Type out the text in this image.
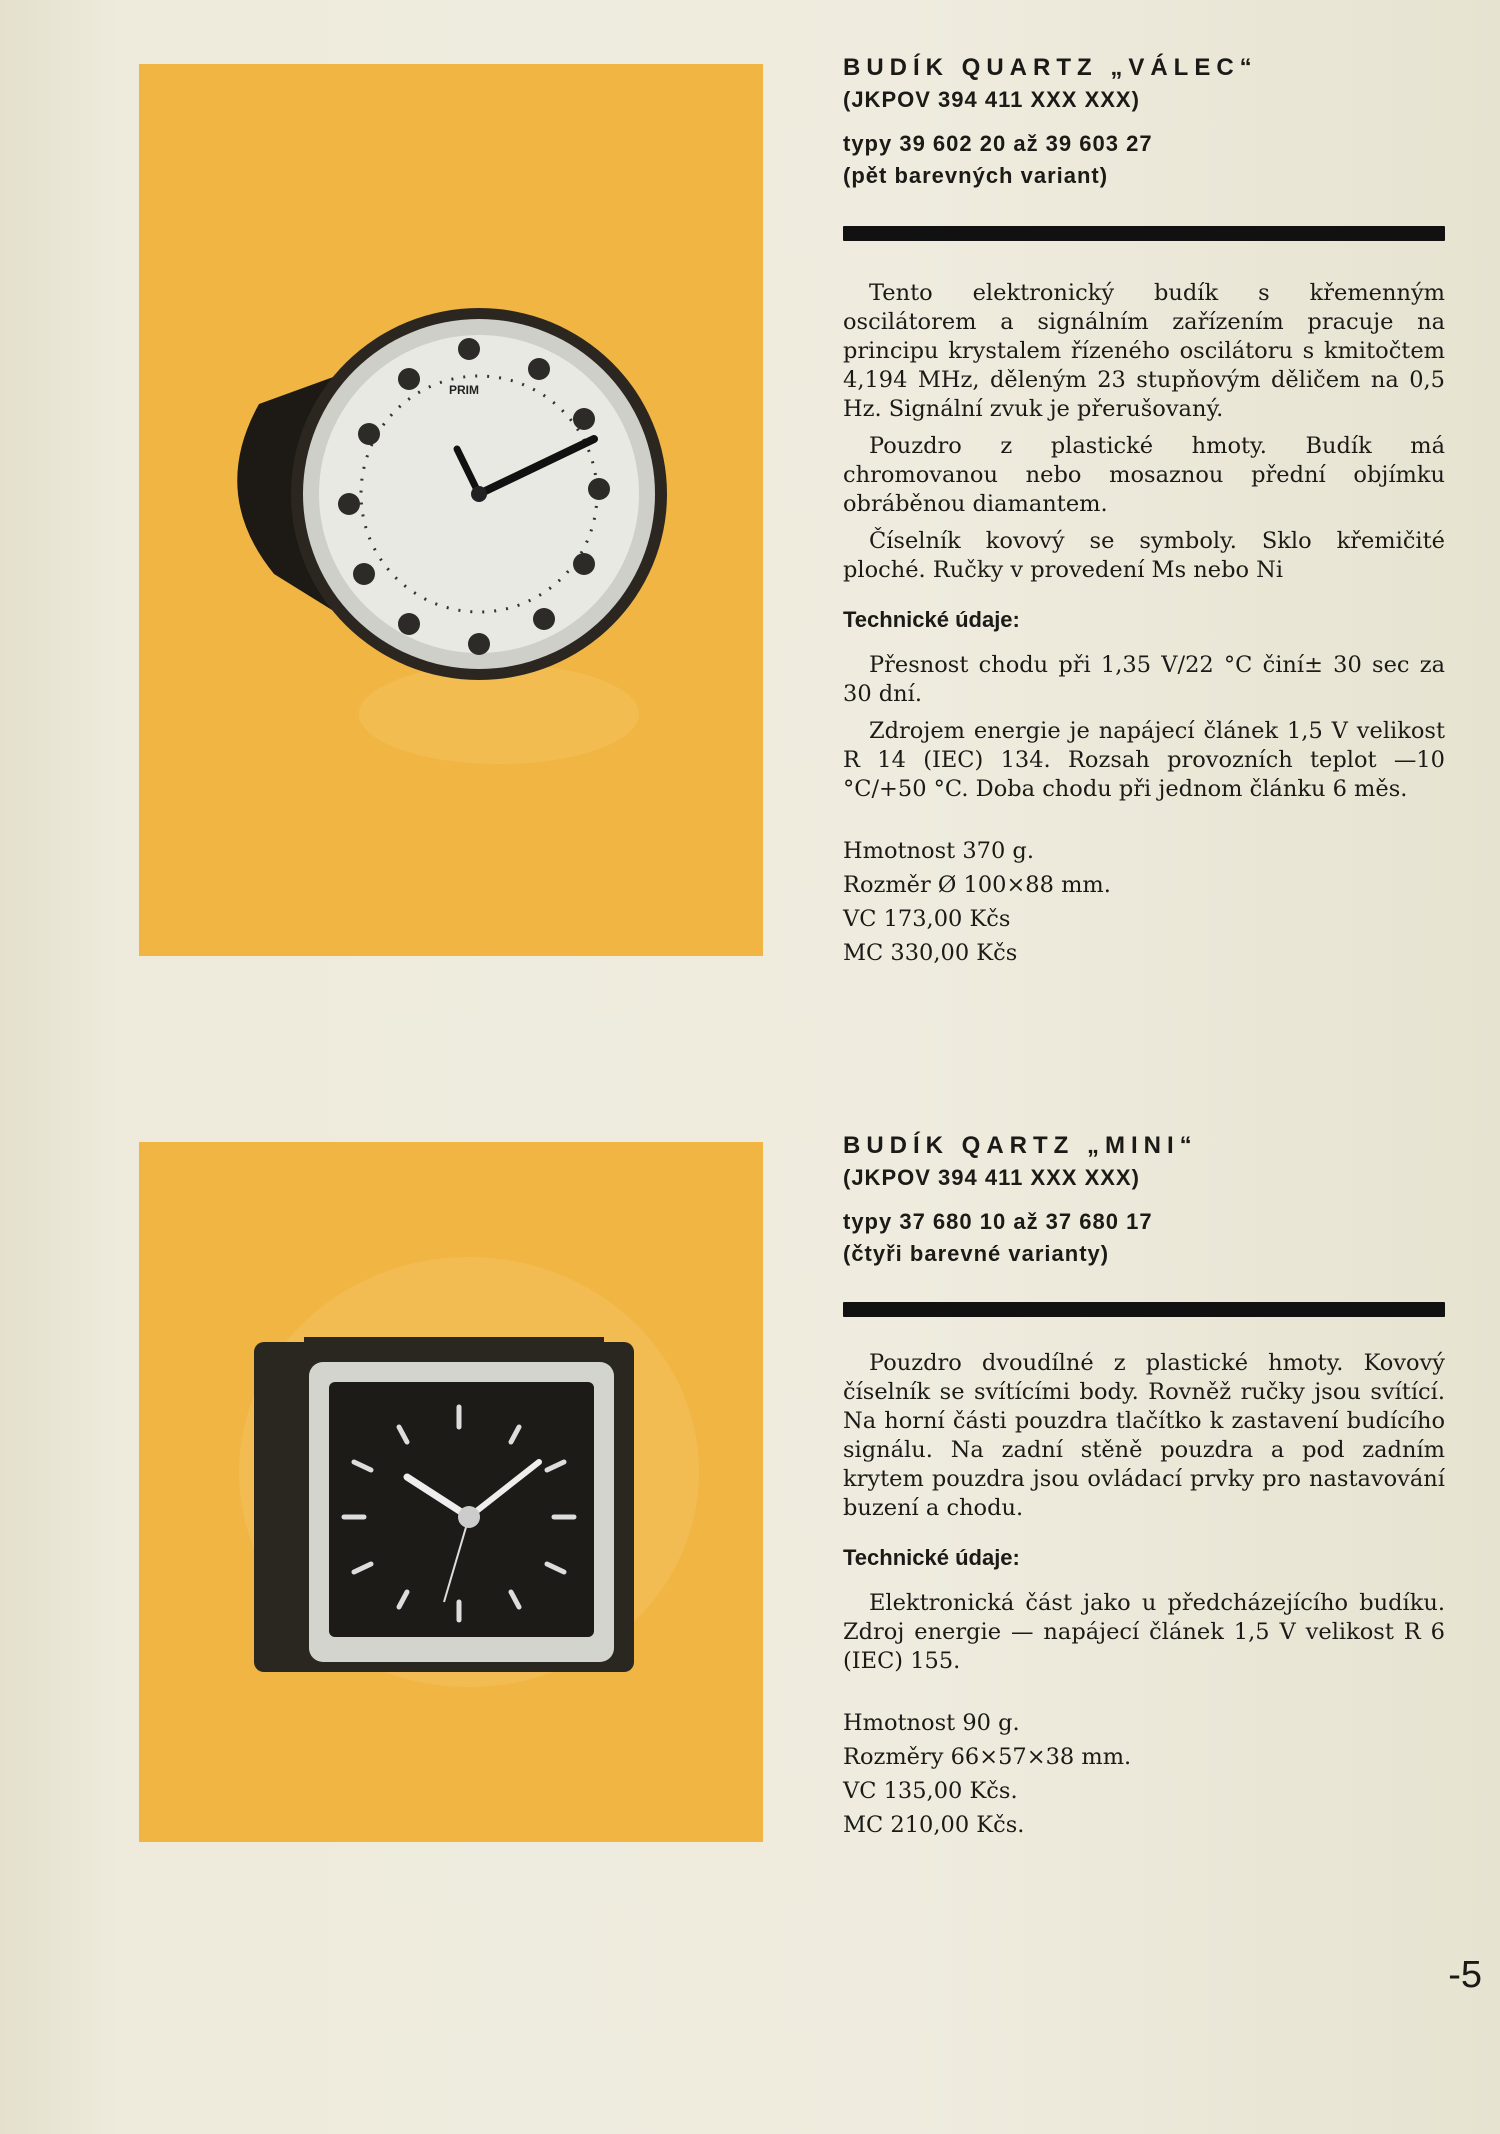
PRIM

BUDÍK QUARTZ „VÁLEC“

(JKPOV 394 411 XXX XXX)

typy 39 602 20 až 39 603 27

(pět barevných variant)

Tento elektronický budík s křemenným oscilátorem a signálním zařízením pracuje na principu krystalem řízeného oscilátoru s kmitočtem 4,194 MHz, děleným 23 stupňovým děličem na 0,5 Hz. Signální zvuk je přerušovaný.

Pouzdro z plastické hmoty. Budík má chromovanou nebo mosaznou přední objímku obráběnou diamantem.

Číselník kovový se symboly. Sklo křemičité ploché. Ručky v provedení Ms nebo Ni

Technické údaje:

Přesnost chodu při 1,35 V/22 °C činí± 30 sec za 30 dní.

Zdrojem energie je napájecí článek 1,5 V velikost R 14 (IEC) 134. Rozsah provozních teplot —10 °C/+50 °C. Doba chodu při jednom článku 6 měs.

Hmotnost 370 g.

Rozměr Ø 100×88 mm.

VC 173,00 Kčs

MC 330,00 Kčs

BUDÍK QARTZ „MINI“

(JKPOV 394 411 XXX XXX)

typy 37 680 10 až 37 680 17

(čtyři barevné varianty)

Pouzdro dvoudílné z plastické hmoty. Kovový číselník se svítícími body. Rovněž ručky jsou svítící. Na horní části pouzdra tlačítko k zastavení budícího signálu. Na zadní stěně pouzdra a pod zadním krytem pouzdra jsou ovládací prvky pro nastavování buzení a chodu.

Technické údaje:

Elektronická část jako u předcházejícího budíku. Zdroj energie — napájecí článek 1,5 V velikost R 6 (IEC) 155.

Hmotnost 90 g.

Rozměry 66×57×38 mm.

VC 135,00 Kčs.

MC 210,00 Kčs.

-5
